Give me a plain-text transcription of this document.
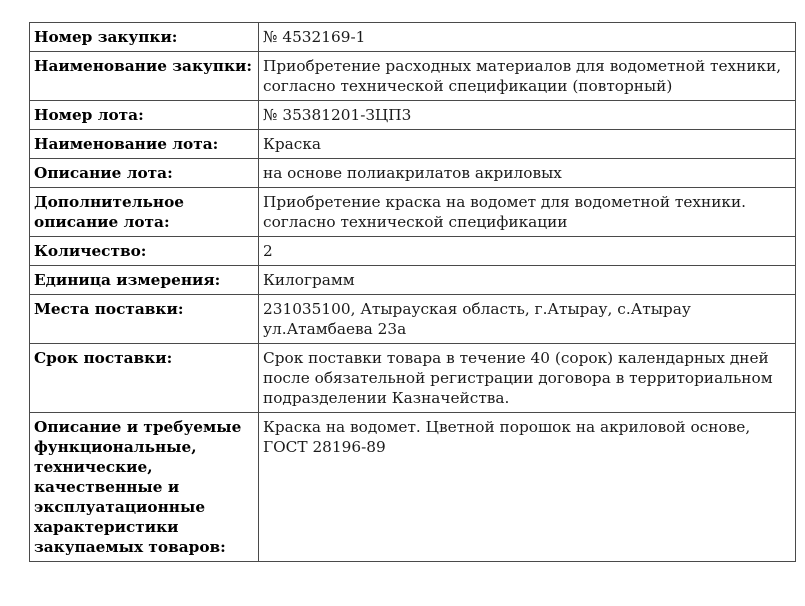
Номер закупки:	№ 4532169-1
Наименование закупки:	Приобретение расходных материалов для водометной техники, согласно технической спецификации (повторный)
Номер лота:	№ 35381201-ЗЦП3
Наименование лота:	Краска
Описание лота:	на основе полиакрилатов акриловых
Дополнительное описание лота:	Приобретение краска на водомет для водометной техники. согласно технической спецификации
Количество:	2
Единица измерения:	Килограмм
Места поставки:	231035100, Атырауская область, г.Атырау, с.Атырау ул.Атамбаева 23а
Срок поставки:	Срок поставки товара в течение 40 (сорок) календарных дней после обязательной регистрации договора в территориальном подразделении Казначейства.
Описание и требуемые функциональные, технические, качественные и эксплуатационные характеристики закупаемых товаров:	Краска на водомет. Цветной порошок на акриловой основе, ГОСТ 28196-89
